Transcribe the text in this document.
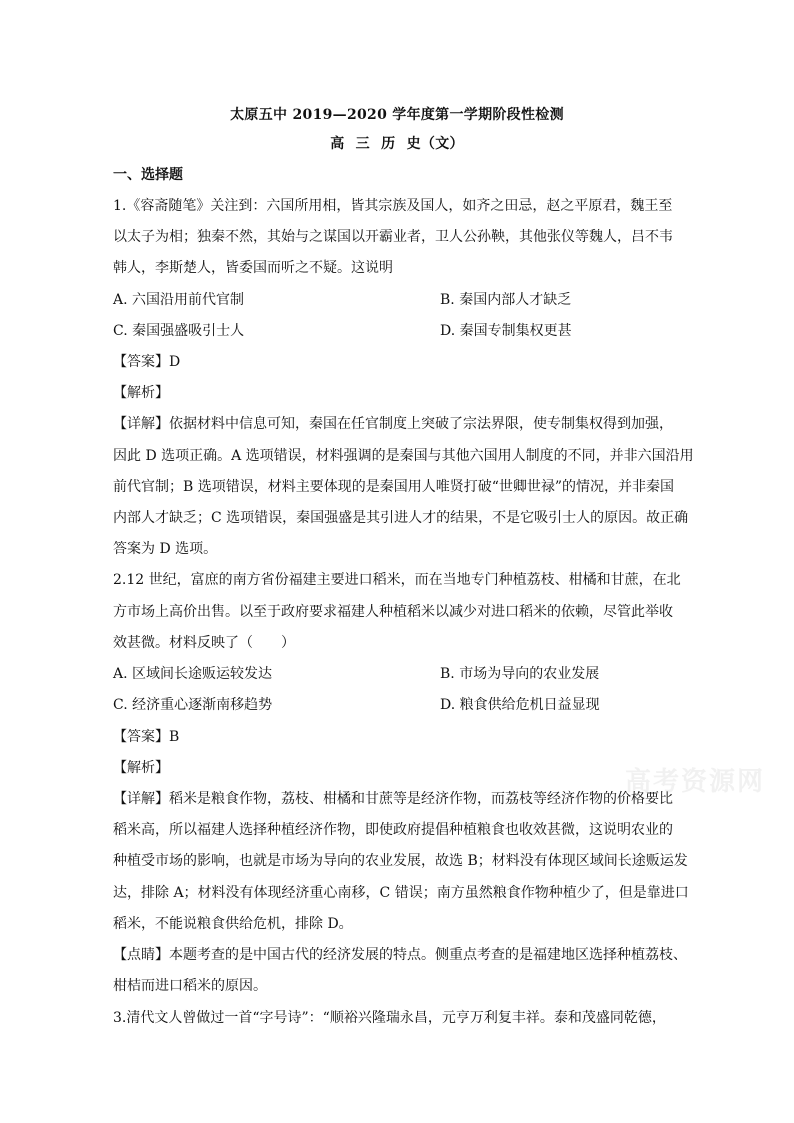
太原五中 2019—2020 学年度第一学期阶段性检测
高 三 历 史（文）
一、选择题
1.《容斋随笔》关注到：六国所用相，皆其宗族及国人，如齐之田忌，赵之平原君，魏王至
以太子为相；独秦不然，其始与之谋国以开霸业者，卫人公孙鞅，其他张仪等魏人，吕不韦
韩人，李斯楚人，皆委国而听之不疑。这说明
A. 六国沿用前代官制	B. 秦国内部人才缺乏
C. 秦国强盛吸引士人	D. 秦国专制集权更甚
【答案】D
【解析】
【详解】依据材料中信息可知，秦国在任官制度上突破了宗法界限，使专制集权得到加强，
因此 D 选项正确。A 选项错误，材料强调的是秦国与其他六国用人制度的不同，并非六国沿用
前代官制；B 选项错误，材料主要体现的是秦国用人唯贤打破“世卿世禄”的情况，并非秦国
内部人才缺乏；C 选项错误，秦国强盛是其引进人才的结果，不是它吸引士人的原因。故正确
答案为 D 选项。
2.12 世纪，富庶的南方省份福建主要进口稻米，而在当地专门种植荔枝、柑橘和甘蔗，在北
方市场上高价出售。以至于政府要求福建人种植稻米以减少对进口稻米的依赖，尽管此举收
效甚微。材料反映了（　　）
A. 区域间长途贩运较发达	B. 市场为导向的农业发展
C. 经济重心逐渐南移趋势	D. 粮食供给危机日益显现
【答案】B
【解析】
【详解】稻米是粮食作物，荔枝、柑橘和甘蔗等是经济作物，而荔枝等经济作物的价格要比
稻米高，所以福建人选择种植经济作物，即使政府提倡种植粮食也收效甚微，这说明农业的
种植受市场的影响，也就是市场为导向的农业发展，故选 B；材料没有体现区域间长途贩运发
达，排除 A；材料没有体现经济重心南移，C 错误；南方虽然粮食作物种植少了，但是靠进口
稻米，不能说粮食供给危机，排除 D。
【点睛】本题考查的是中国古代的经济发展的特点。侧重点考查的是福建地区选择种植荔枝、
柑桔而进口稻米的原因。
3.清代文人曾做过一首“字号诗”：“顺裕兴隆瑞永昌，元亨万利复丰祥。泰和茂盛同乾德，
高考资源网
